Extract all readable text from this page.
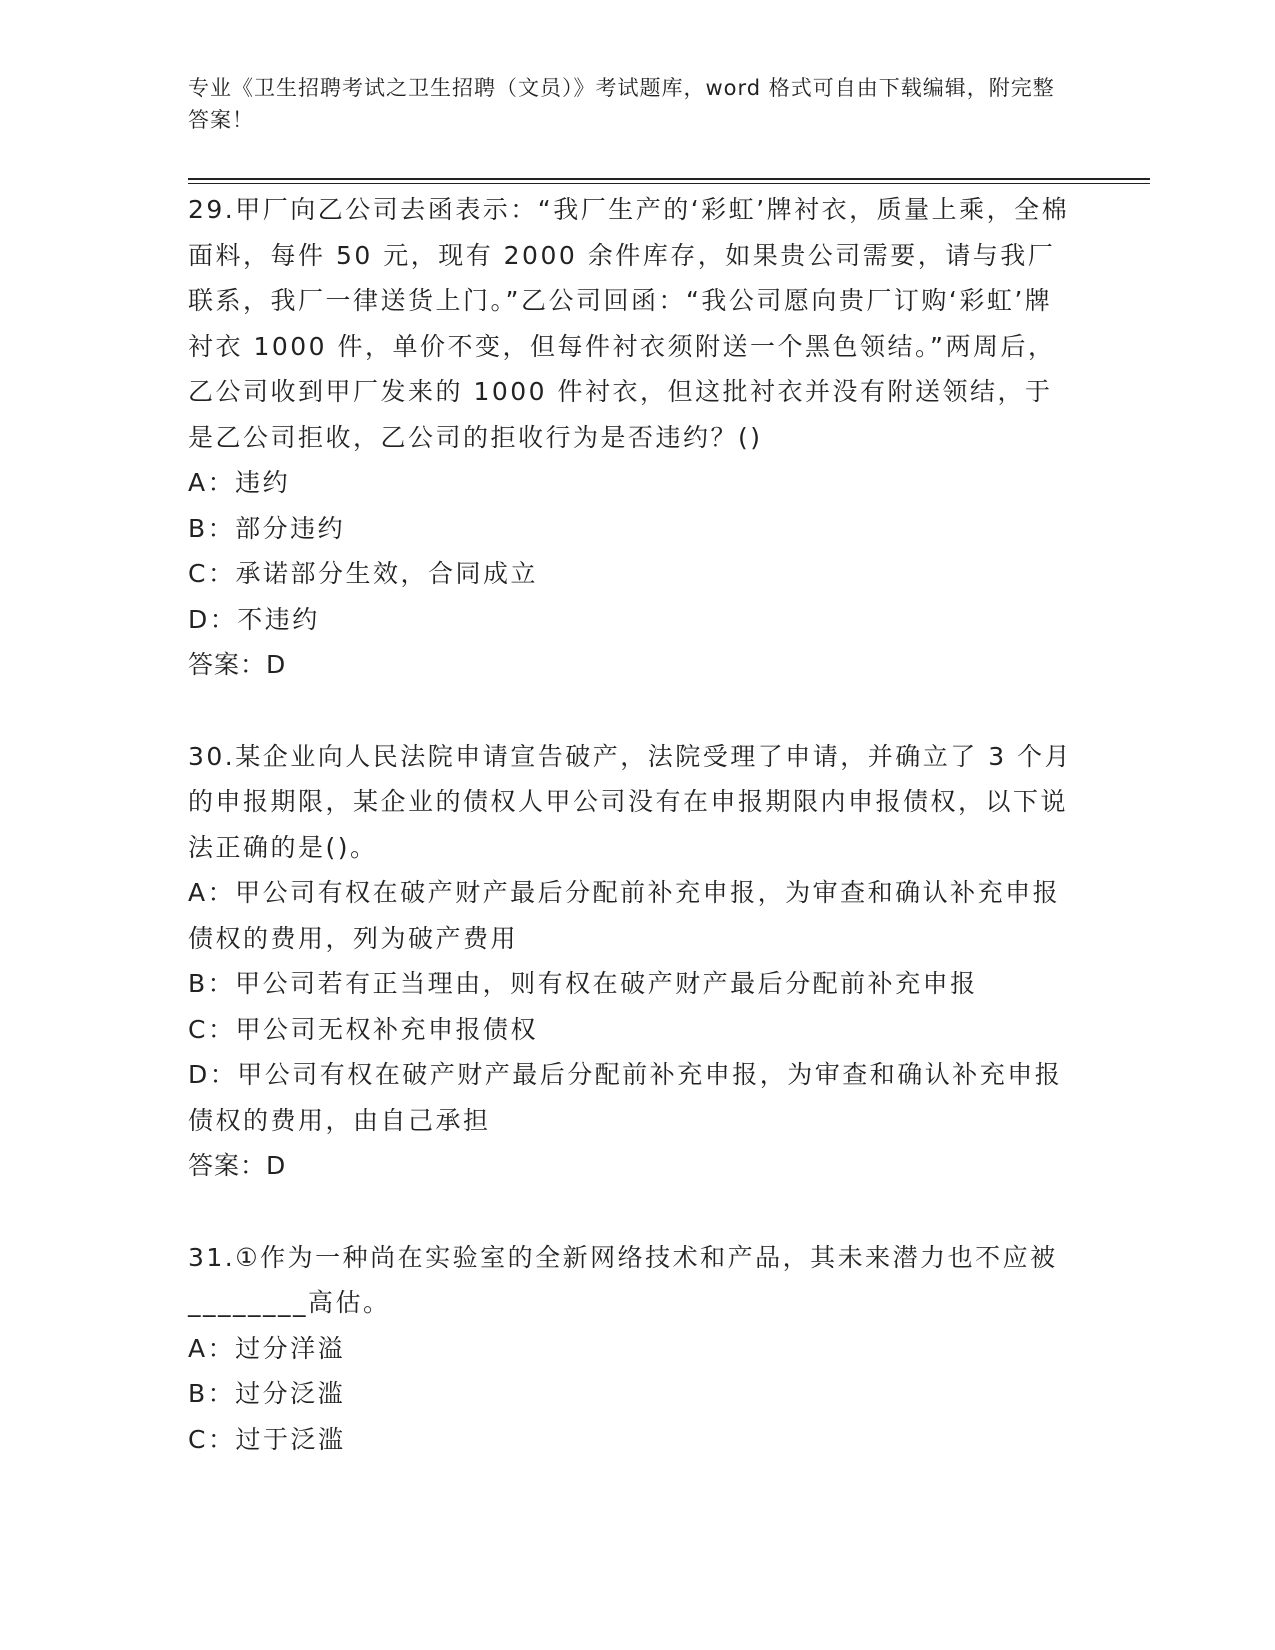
专业《卫生招聘考试之卫生招聘（文员）》考试题库，word 格式可自由下载编辑，附完整答案！

29.甲厂向乙公司去函表示：“我厂生产的‘彩虹’牌衬衣，质量上乘，全棉面料，每件 50 元，现有 2000 余件库存，如果贵公司需要，请与我厂联系，我厂一律送货上门。”乙公司回函：“我公司愿向贵厂订购‘彩虹’牌衬衣 1000 件，单价不变，但每件衬衣须附送一个黑色领结。”两周后，乙公司收到甲厂发来的 1000 件衬衣，但这批衬衣并没有附送领结，于是乙公司拒收，乙公司的拒收行为是否违约？()

A：违约

B：部分违约

C：承诺部分生效，合同成立

D：不违约

答案：D

30.某企业向人民法院申请宣告破产，法院受理了申请，并确立了 3 个月的申报期限，某企业的债权人甲公司没有在申报期限内申报债权，以下说法正确的是()。

A：甲公司有权在破产财产最后分配前补充申报，为审查和确认补充申报债权的费用，列为破产费用

B：甲公司若有正当理由，则有权在破产财产最后分配前补充申报

C：甲公司无权补充申报债权

D：甲公司有权在破产财产最后分配前补充申报，为审查和确认补充申报债权的费用，由自己承担

答案：D

31.①作为一种尚在实验室的全新网络技术和产品，其未来潜力也不应被________高估。

A：过分洋溢

B：过分泛滥

C：过于泛滥
